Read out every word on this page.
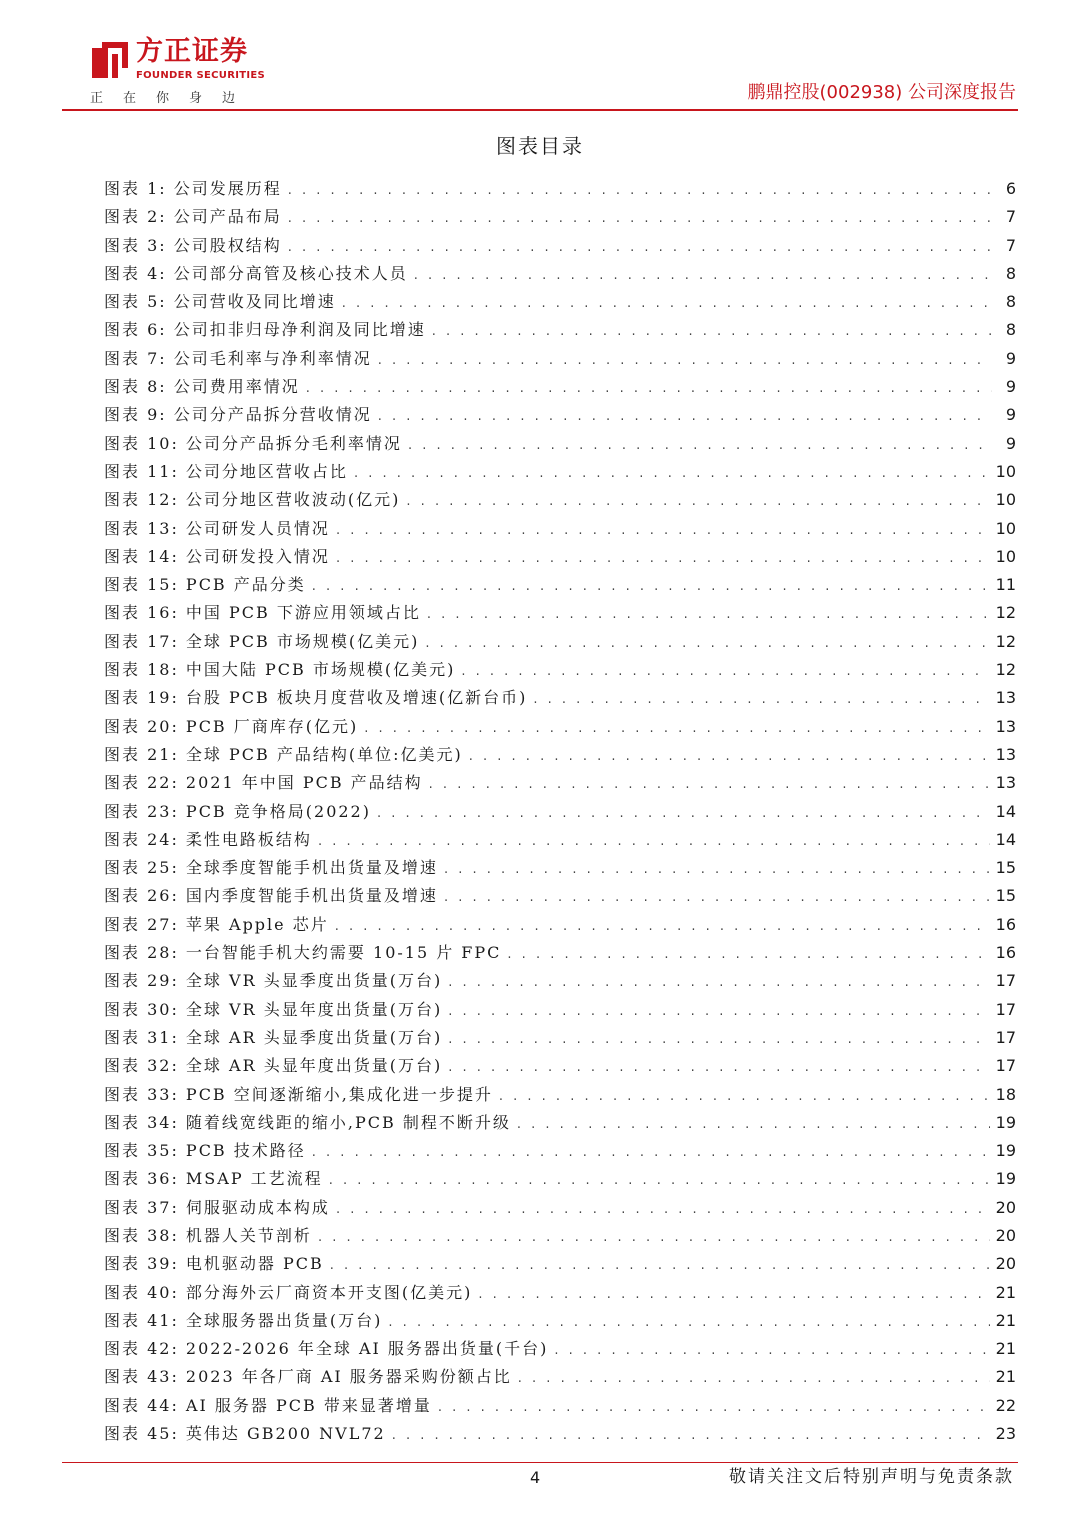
方正证券
FOUNDER SECURITIES
正在你身边	鹏鼎控股(002938) 公司深度报告
图表目录
图表 1: 公司发展历程 . . .	6
图表 2: 公司产品布局 . . .	7
图表 3: 公司股权结构 . . .	7
图表 4: 公司部分高管及核心技术人员 . . .	8
图表 5: 公司营收及同比增速 . . .	8
图表 6: 公司扣非归母净利润及同比增速 . . .	8
图表 7: 公司毛利率与净利率情况 . . .	9
图表 8: 公司费用率情况 . . .	9
图表 9: 公司分产品拆分营收情况 . . .	9
图表 10: 公司分产品拆分毛利率情况 . . .	9
图表 11: 公司分地区营收占比 . . .	10
图表 12: 公司分地区营收波动(亿元) . . .	10
图表 13: 公司研发人员情况 . . .	10
图表 14: 公司研发投入情况 . . .	10
图表 15: PCB 产品分类 . . .	11
图表 16: 中国 PCB 下游应用领域占比 . . .	12
图表 17: 全球 PCB 市场规模(亿美元) . . .	12
图表 18: 中国大陆 PCB 市场规模(亿美元) . . .	12
图表 19: 台股 PCB 板块月度营收及增速(亿新台币) . . .	13
图表 20: PCB 厂商库存(亿元) . . .	13
图表 21: 全球 PCB 产品结构(单位:亿美元) . . .	13
图表 22: 2021 年中国 PCB 产品结构 . . .	13
图表 23: PCB 竞争格局(2022) . . .	14
图表 24: 柔性电路板结构 . . .	14
图表 25: 全球季度智能手机出货量及增速 . . .	15
图表 26: 国内季度智能手机出货量及增速 . . .	15
图表 27: 苹果 Apple 芯片 . . .	16
图表 28: 一台智能手机大约需要 10-15 片 FPC . . .	16
图表 29: 全球 VR 头显季度出货量(万台) . . .	17
图表 30: 全球 VR 头显年度出货量(万台) . . .	17
图表 31: 全球 AR 头显季度出货量(万台) . . .	17
图表 32: 全球 AR 头显年度出货量(万台) . . .	17
图表 33: PCB 空间逐渐缩小,集成化进一步提升 . . .	18
图表 34: 随着线宽线距的缩小,PCB 制程不断升级 . . .	19
图表 35: PCB 技术路径 . . .	19
图表 36: MSAP 工艺流程 . . .	19
图表 37: 伺服驱动成本构成 . . .	20
图表 38: 机器人关节剖析 . . .	20
图表 39: 电机驱动器 PCB . . .	20
图表 40: 部分海外云厂商资本开支图(亿美元) . . .	21
图表 41: 全球服务器出货量(万台) . . .	21
图表 42: 2022-2026 年全球 AI 服务器出货量(千台) . . .	21
图表 43: 2023 年各厂商 AI 服务器采购份额占比 . . .	21
图表 44: AI 服务器 PCB 带来显著增量 . . .	22
图表 45: 英伟达 GB200 NVL72 . . .	23
4	敬请关注文后特别声明与免责条款
